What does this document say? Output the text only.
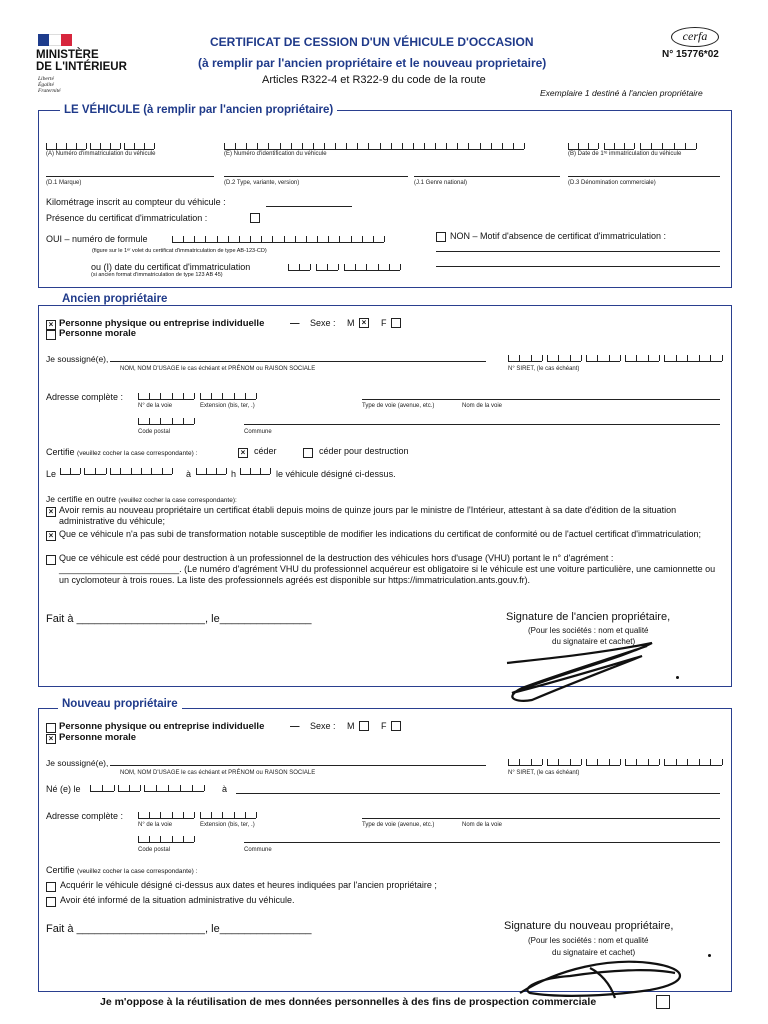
MINISTÈRE
DE L'INTÉRIEUR
Liberté
Égalité
Fraternité
CERTIFICAT DE CESSION D'UN VÉHICULE D'OCCASION
(à remplir par l'ancien propriétaire et le nouveau proprietaire)
Articles R322-4 et R322-9 du code de la route
cerfa
N° 15776*02
Exemplaire 1 destiné à l'ancien propriétaire
LE VÉHICULE (à remplir par l'ancien propriétaire)
(A) Numéro d'immatriculation du véhicule	(E) Numéro d'identification du véhicule	(B) Date de 1ʳᵉ immatriculation du véhicule
(D.1 Marque)	(D.2 Type, variante, version)	(J.1 Genre national)	(D.3 Dénomination commerciale)
Kilométrage inscrit au compteur du véhicule :
Présence du certificat d'immatriculation :
OUI – numéro de formule
(figure sur le 1ᵉʳ volet du certificat d'immatriculation de type AB-123-CD)
ou (I) date du certificat d'immatriculation
(si ancien format d'immatriculation de type 123 AB 45)
NON – Motif d'absence de certificat d'immatriculation :
Ancien propriétaire
× Personne physique ou entreprise individuelle	— Sexe : M × F
Personne morale
Je soussigné(e),
NOM, NOM D'USAGE le cas échéant et PRÉNOM ou RAISON SOCIALE	N° SIRET, (le cas échéant)
Adresse complète :
N° de la voie	Extension (bis, ter, .)	Type de voie (avenue, etc.)	Nom de la voie
Code postal	Commune
Certifie (veuillez cocher la case correspondante) :	× céder	céder pour destruction
Le	à	h	le véhicule désigné ci-dessus.
Je certifie en outre (veuillez cocher la case correspondante):
× Avoir remis au nouveau propriétaire un certificat établi depuis moins de quinze jours par le ministre de l'Intérieur, attestant à sa date d'édition de la situation administrative du véhicule;
× Que ce véhicule n'a pas subi de transformation notable susceptible de modifier les indications du certificat de conformité ou de l'actuel certificat d'immatriculation;
Que ce véhicule est cédé pour destruction à un professionnel de la destruction des véhicules hors d'usage (VHU) portant le n° d'agrément : ________________________. (Le numéro d'agrément VHU du professionnel acquéreur est obligatoire si le véhicule est une voiture particulière, une camionnette ou un cyclomoteur à trois roues. La liste des professionnels agréés est disponible sur https://immatriculation.ants.gouv.fr).
Fait à _____________________, le_______________	Signature de l'ancien propriétaire,
(Pour les sociétés : nom et qualité
du signataire et cachet)
Nouveau propriétaire
Personne physique ou entreprise individuelle	— Sexe : M	F
× Personne morale
Je soussigné(e),
NOM, NOM D'USAGE le cas échéant et PRÉNOM ou RAISON SOCIALE	N° SIRET, (le cas échéant)
Né (e) le	à
Adresse complète :
N° de la voie	Extension (bis, ter, .)	Type de voie (avenue, etc.)	Nom de la voie
Code postal	Commune
Certifie (veuillez cocher la case correspondante) :
Acquérir le véhicule désigné ci-dessus aux dates et heures indiquées par l'ancien propriétaire ;
Avoir été informé de la situation administrative du véhicule.
Fait à _____________________, le_______________	Signature du nouveau propriétaire,
(Pour les sociétés : nom et qualité
du signataire et cachet)
Je m'oppose à la réutilisation de mes données personnelles à des fins de prospection commerciale
